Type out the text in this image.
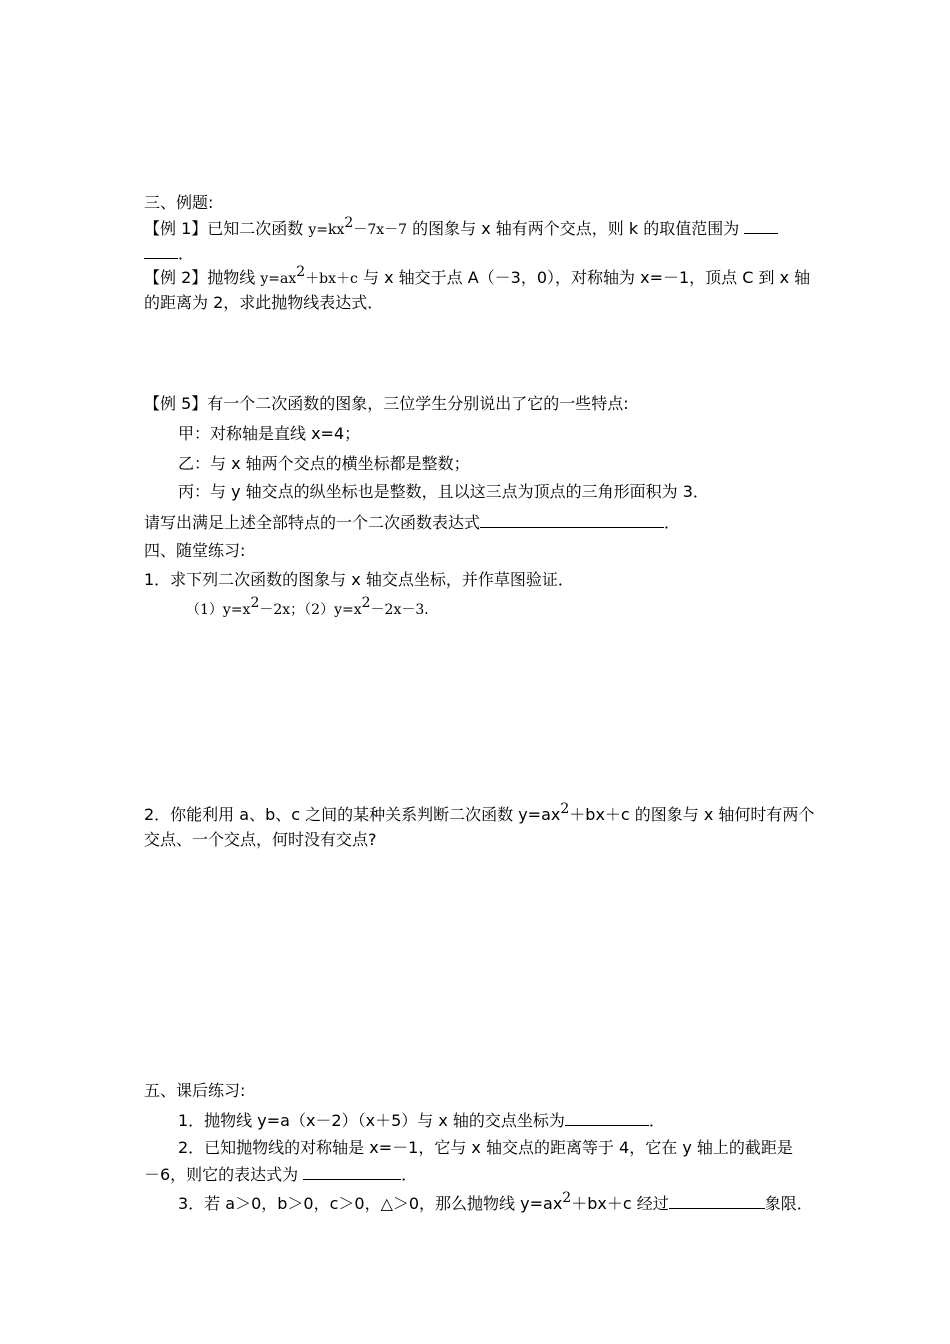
三、例题:
【例 1】已知二次函数 $y=kx^2-7x-7$ 的图象与 x 轴有两个交点，则 k 的取值范围为
．
【例 2】抛物线 $y=ax^2+bx+c$ 与 x 轴交于点 A（－3，0），对称轴为 x=－1，顶点 C 到 x 轴
的距离为 2，求此抛物线表达式．
【例 5】有一个二次函数的图象，三位学生分别说出了它的一些特点:
甲：对称轴是直线 x=4；
乙：与 x 轴两个交点的横坐标都是整数；
丙：与 y 轴交点的纵坐标也是整数，且以这三点为顶点的三角形面积为 3．
请写出满足上述全部特点的一个二次函数表达式	．
四、随堂练习:
1．求下列二次函数的图象与 x 轴交点坐标，并作草图验证．
$(1)y=x^2-2x$；$(2)y=x^2-2x-3$．
2．你能利用 a、b、c 之间的某种关系判断二次函数 $y=ax^2+bx+c$ 的图象与 x 轴何时有两个
交点、一个交点，何时没有交点?
五、课后练习:
1．抛物线 y=a（x－2）（x＋5）与 x 轴的交点坐标为	．
2．已知抛物线的对称轴是 x=－1，它与 x 轴交点的距离等于 4，它在 y 轴上的截距是
－6，则它的表达式为	．
3．若 a＞0，b＞0，c＞0，△＞0，那么抛物线 $y=ax^2+bx+c$ 经过	象限．
